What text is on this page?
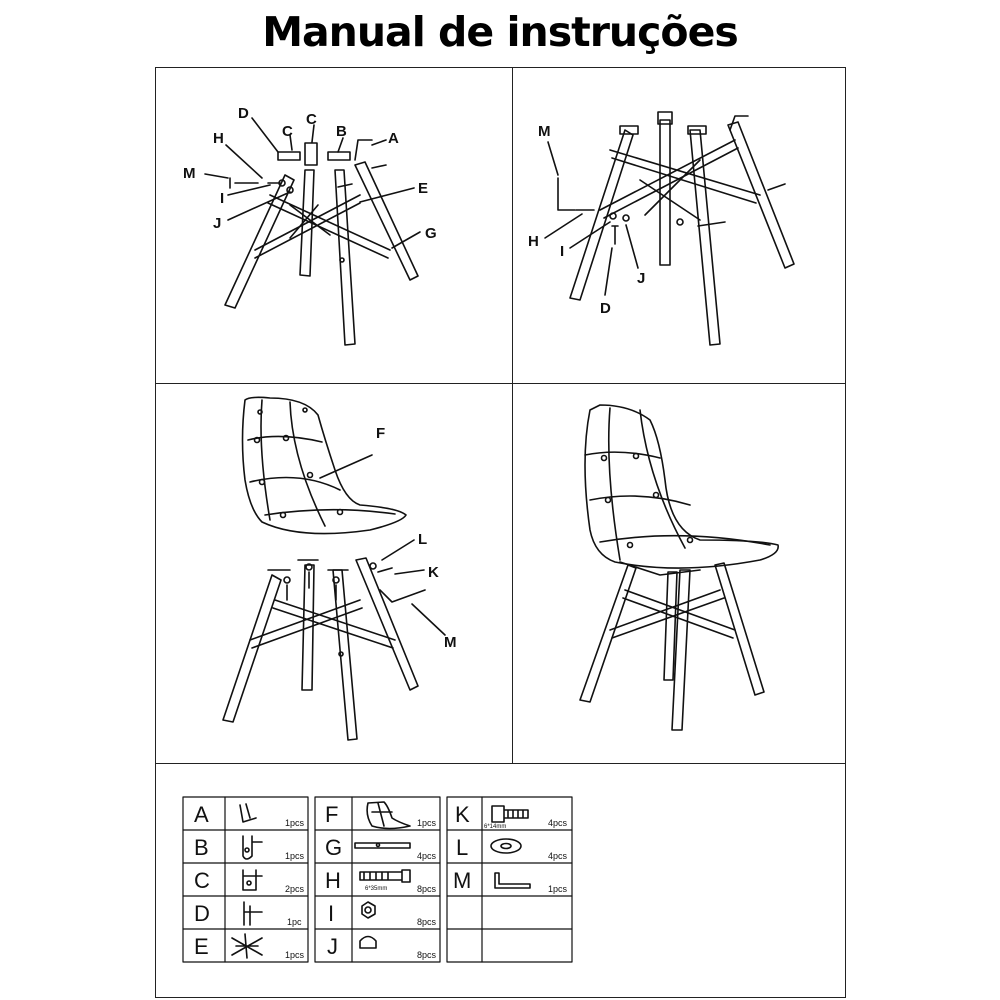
Manual de instruções
D
C
H
C
B	A
M
I
E
J
G
M
H
I
J
D
F
L
K
M
A	1pcs
B	1pcs
C	2pcs
D	1pc
E	1pcs
F	1pcs
G	4pcs
H	8pcs
6*35mm
I	8pcs
J	8pcs
K	4pcs
6*14mm
L	4pcs
M	1pcs
